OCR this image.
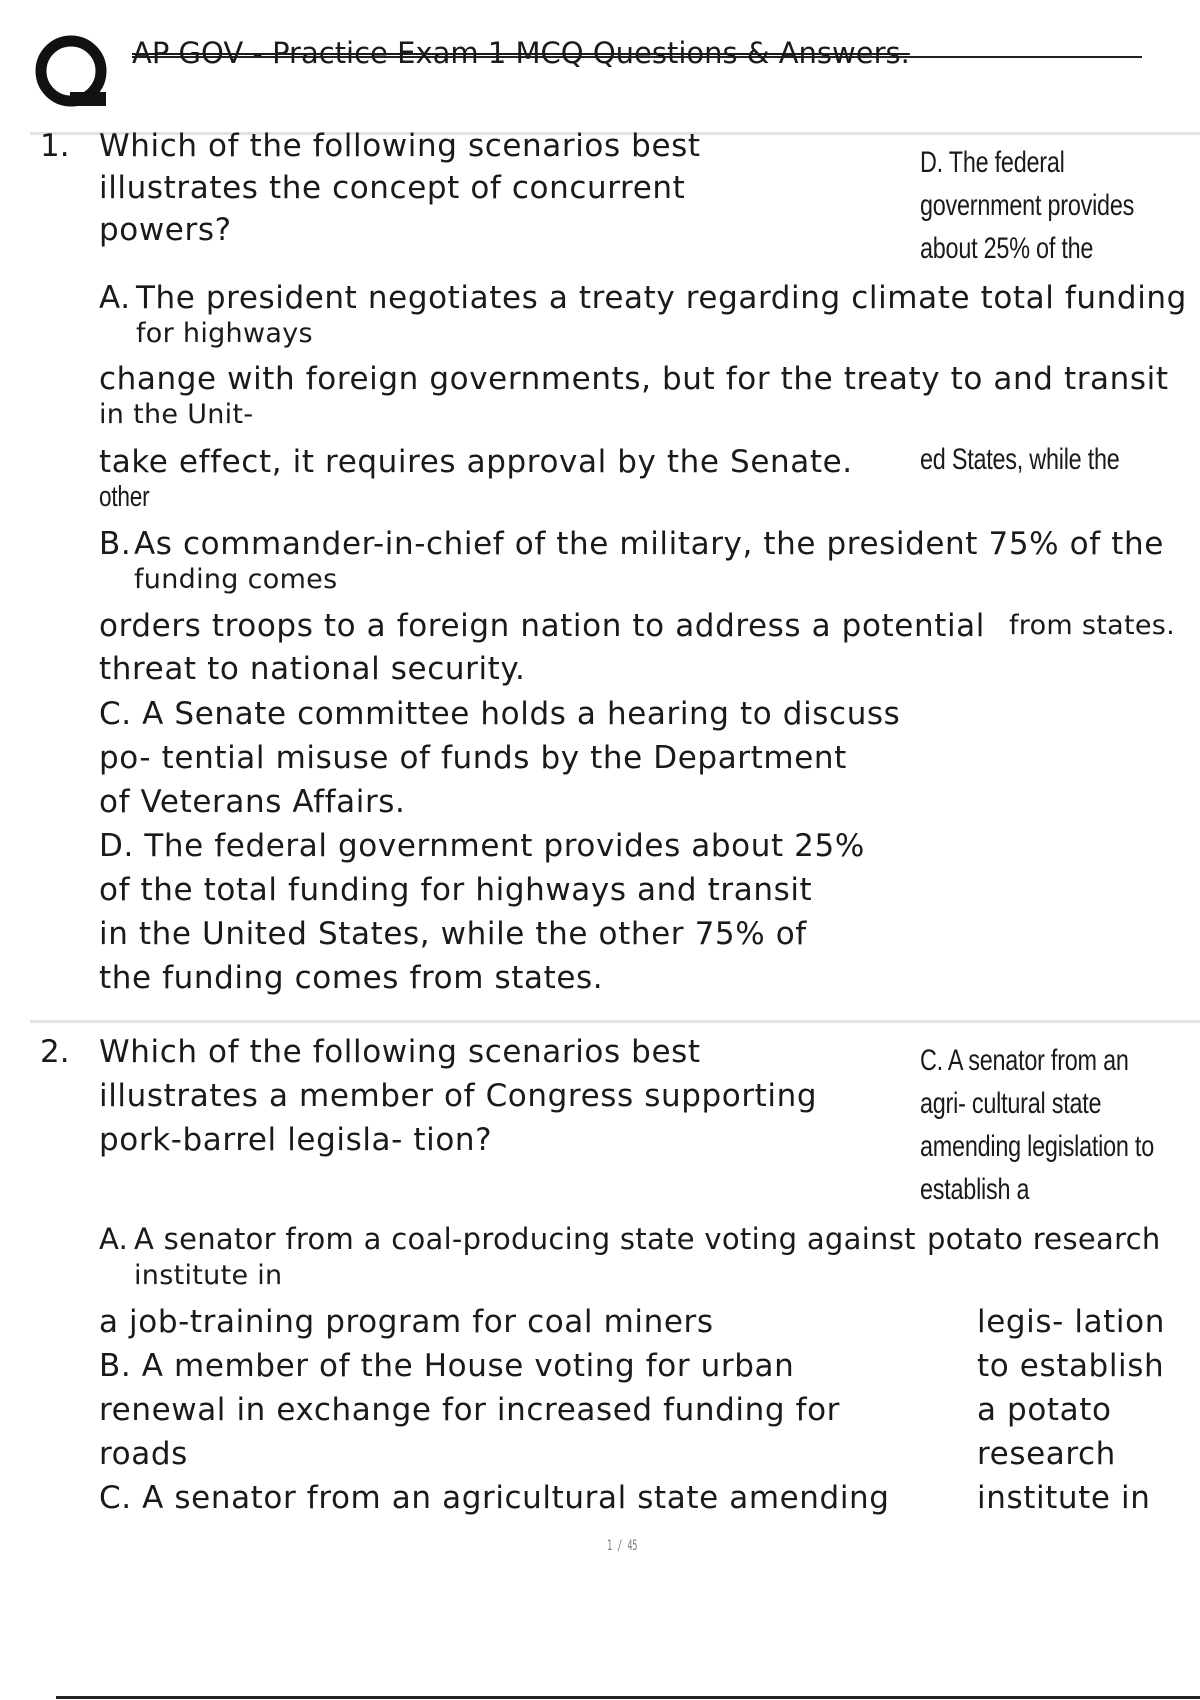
AP GOV - Practice Exam 1 MCQ Questions & Answers.
1. Which of the following scenarios best
illustrates the concept of concurrent
powers?
D. The federal
government provides
about 25% of the
A. The president negotiates a treaty regarding climate total funding
for highways
change with foreign governments, but for the treaty to and transit
in the Unit-
take effect, it requires approval by the Senate. ed States, while the
other
B. As commander-in-chief of the military, the president 75% of the
funding comes
orders troops to a foreign nation to address a potential from states.
threat to national security.
C. A Senate committee holds a hearing to discuss
po- tential misuse of funds by the Department
of Veterans Affairs.
D. The federal government provides about 25%
of the total funding for highways and transit
in the United States, while the other 75% of
the funding comes from states.
2. Which of the following scenarios best
illustrates a member of Congress supporting
pork-barrel legisla- tion?
C. A senator from an
agri- cultural state
amending legislation to
establish a
A. A senator from a coal-producing state voting against potato research
institute in
a job-training program for coal miners
B. A member of the House voting for urban
renewal in exchange for increased funding for
roads
C. A senator from an agricultural state amending
legis- lation
to establish
a potato
research
institute in
1 / 45
